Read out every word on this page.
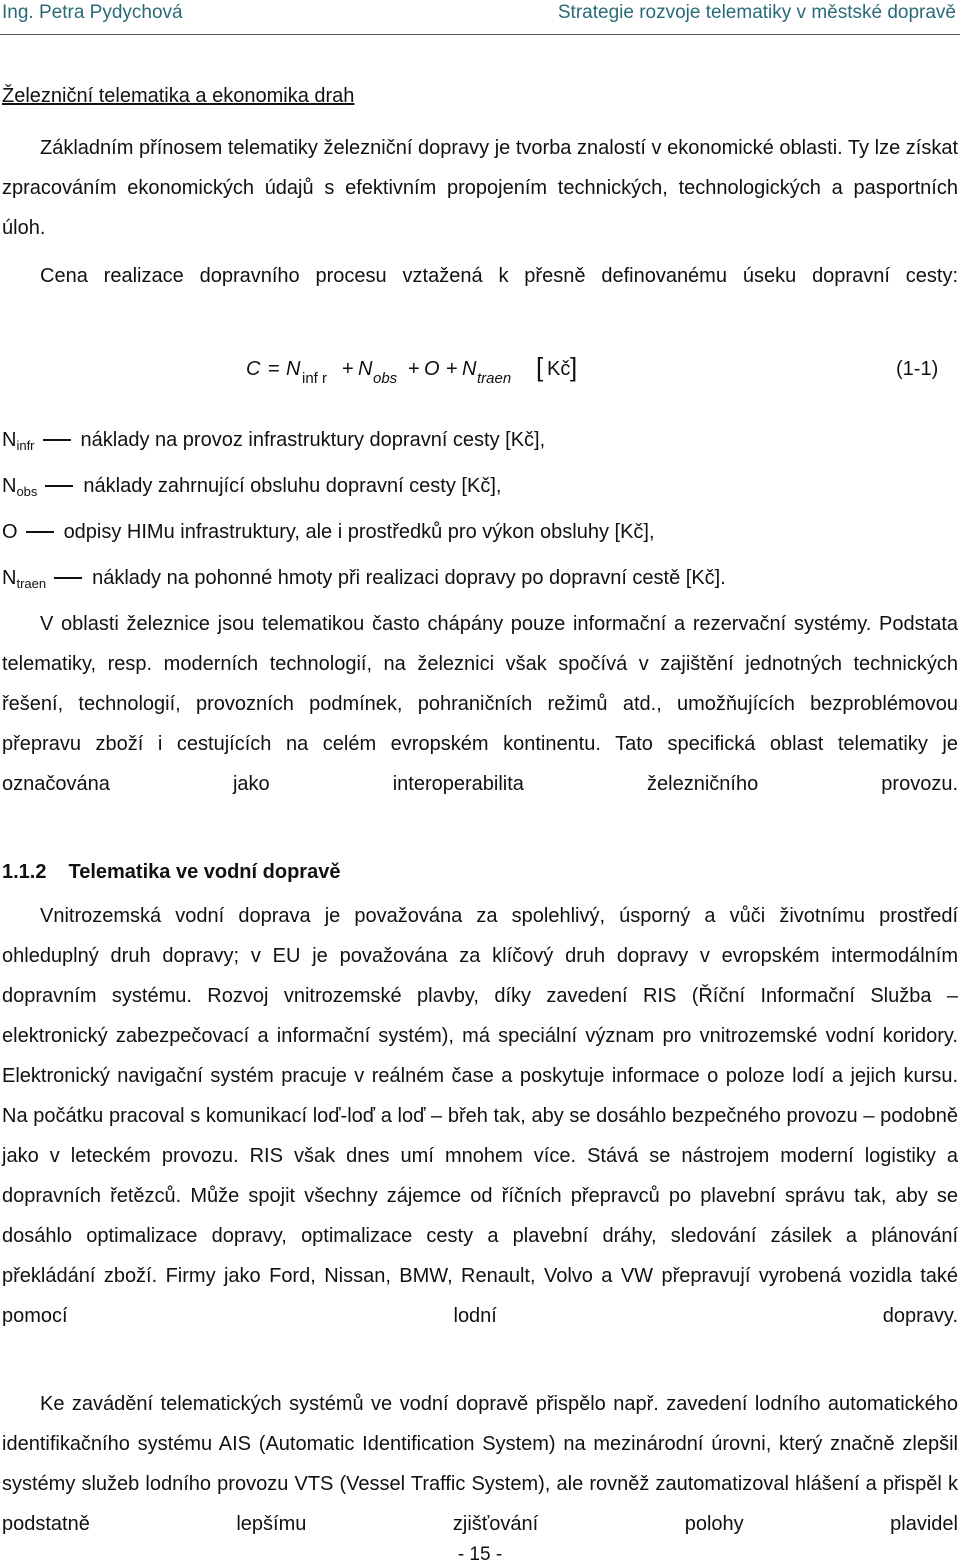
Ing. Petra Pydychová	Strategie rozvoje telematiky v městské dopravě
Železniční telematika a ekonomika drah

Základním přínosem telematiky železniční dopravy je tvorba znalostí v ekonomické oblasti. Ty lze získat zpracováním ekonomických údajů s efektivním propojením technických, technologických a pasportních úloh.

Cena realizace dopravního procesu vztažená k přesně definovanému úseku dopravní cesty:

C = N inf r + N obs + O + N traen [ Kč ]	(1-1)
$N_{infr}$ náklady na provoz infrastruktury dopravní cesty [Kč],
$N_{obs}$ náklady zahrnující obsluhu dopravní cesty [Kč],
O odpisy HIMu infrastruktury, ale i prostředků pro výkon obsluhy [Kč],
$N_{traen}$ náklady na pohonné hmoty při realizaci dopravy po dopravní cestě [Kč].

V oblasti železnice jsou telematikou často chápány pouze informační a rezervační systémy. Podstata telematiky, resp. moderních technologií, na železnici však spočívá v zajištění jednotných technických řešení, technologií, provozních podmínek, pohraničních režimů atd., umožňujících bezproblémovou přepravu zboží i cestujících na celém evropském kontinentu. Tato specifická oblast telematiky je označována jako interoperabilita železničního provozu.

1.1.2 Telematika ve vodní dopravě

Vnitrozemská vodní doprava je považována za spolehlivý, úsporný a vůči životnímu prostředí ohleduplný druh dopravy; v EU je považována za klíčový druh dopravy v evropském intermodálním dopravním systému. Rozvoj vnitrozemské plavby, díky zavedení RIS (Říční Informační Služba – elektronický zabezpečovací a informační systém), má speciální význam pro vnitrozemské vodní koridory. Elektronický navigační systém pracuje v reálném čase a poskytuje informace o poloze lodí a jejich kursu. Na počátku pracoval s komunikací loď-loď a loď – břeh tak, aby se dosáhlo bezpečného provozu – podobně jako v leteckém provozu. RIS však dnes umí mnohem více. Stává se nástrojem moderní logistiky a dopravních řetězců. Může spojit všechny zájemce od říčních přepravců po plavební správu tak, aby se dosáhlo optimalizace dopravy, optimalizace cesty a plavební dráhy, sledování zásilek a plánování překládání zboží. Firmy jako Ford, Nissan, BMW, Renault, Volvo a VW přepravují vyrobená vozidla také pomocí lodní dopravy.

Ke zavádění telematických systémů ve vodní dopravě přispělo např. zavedení lodního automatického identifikačního systému AIS (Automatic Identification System) na mezinárodní úrovni, který značně zlepšil systémy služeb lodního provozu VTS (Vessel Traffic System), ale rovněž zautomatizoval hlášení a přispěl k podstatně lepšímu zjišťování polohy plavidel

- 15 -
